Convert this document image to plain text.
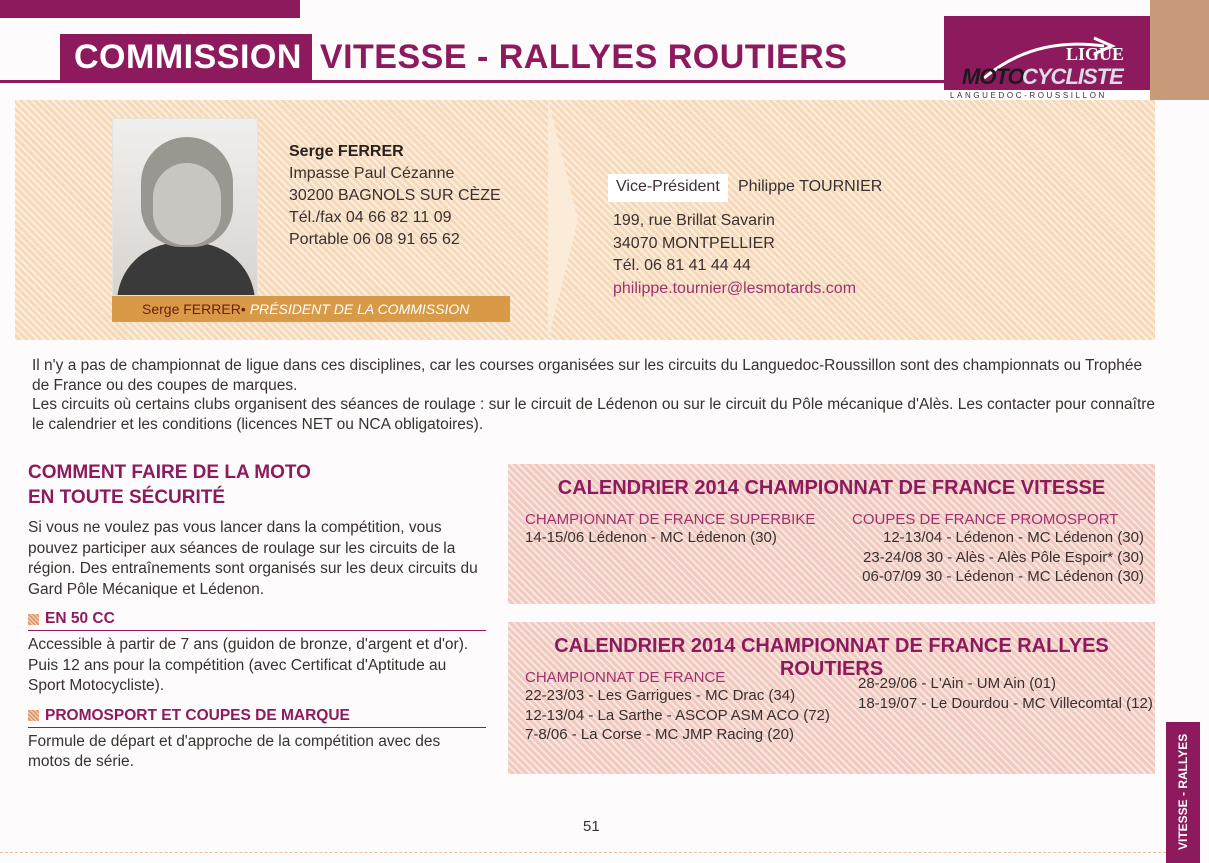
COMMISSION VITESSE - RALLYES ROUTIERS	LIGUE
MOTO
CYCLISTE
LANGUEDOC-ROUSSILLON
Serge FERRER • PRÉSIDENT DE LA COMMISSION
Serge FERRER
Impasse Paul Cézanne
30200 BAGNOLS SUR CÈZE
Tél./fax 04 66 82 11 09
Portable 06 08 91 65 62
Vice-Président	Philippe TOURNIER
199, rue Brillat Savarin
34070 MONTPELLIER
Tél. 06 81 41 44 44
philippe.tournier@lesmotards.com

Il n'y a pas de championnat de ligue dans ces disciplines, car les courses organisées sur les circuits du Languedoc-Roussillon sont des championnats ou Trophée de France ou des coupes de marques.

Les circuits où certains clubs organisent des séances de roulage : sur le circuit de Lédenon ou sur le circuit du Pôle mécanique d'Alès. Les contacter pour connaître le calendrier et les conditions (licences NET ou NCA obligatoires).

COMMENT FAIRE DE LA MOTO
EN TOUTE SÉCURITÉ
Si vous ne voulez pas vous lancer dans la compétition, vous pouvez participer aux séances de roulage sur les circuits de la région. Des entraînements sont organisés sur les deux circuits du Gard Pôle Mécanique et Lédenon.
EN 50 CC
Accessible à partir de 7 ans (guidon de bronze, d'argent et d'or). Puis 12 ans pour la compétition (avec Certificat d'Aptitude au Sport Motocycliste).
PROMOSPORT ET COUPES DE MARQUE
Formule de départ et d'approche de la compétition avec des motos de série.
CALENDRIER 2014 CHAMPIONNAT DE FRANCE VITESSE
CHAMPIONNAT DE FRANCE SUPERBIKE
14-15/06 Lédenon - MC Lédenon (30)
COUPES DE FRANCE PROMOSPORT
12-13/04 - Lédenon - MC Lédenon (30)
23-24/08 30 - Alès - Alès Pôle Espoir* (30)
06-07/09 30 - Lédenon - MC Lédenon (30)
CALENDRIER 2014 CHAMPIONNAT DE FRANCE RALLYES ROUTIERS
CHAMPIONNAT DE FRANCE
22-23/03 - Les Garrigues - MC Drac (34)
12-13/04 - La Sarthe - ASCOP ASM ACO (72)
7-8/06 - La Corse - MC JMP Racing (20)
28-29/06 - L'Ain - UM Ain (01)
18-19/07 - Le Dourdou - MC Villecomtal (12)
51	VITESSE - RALLYES
